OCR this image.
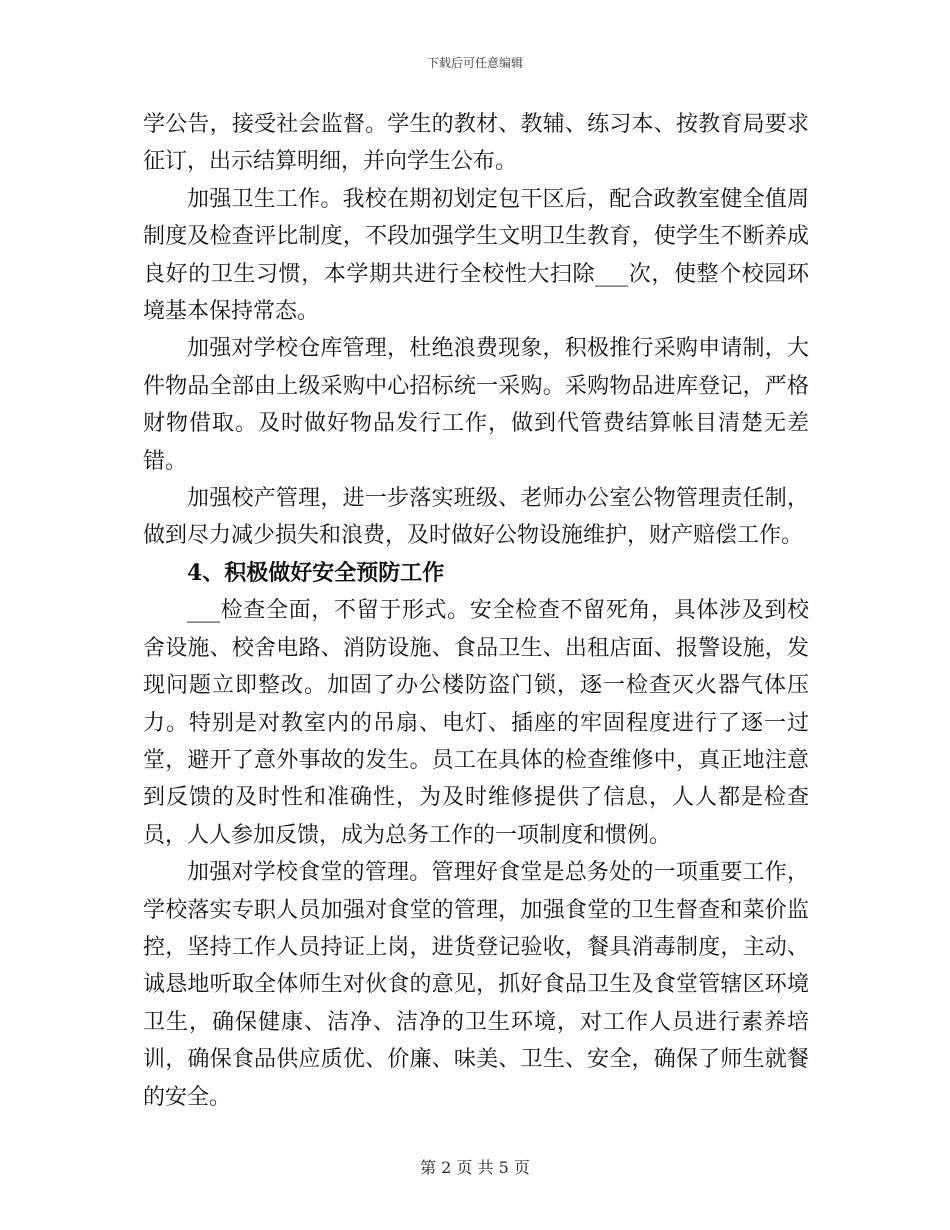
下载后可任意编辑

学公告，接受社会监督。学生的教材、教辅、练习本、按教育局要求征订，出示结算明细，并向学生公布。

加强卫生工作。我校在期初划定包干区后，配合政教室健全值周制度及检查评比制度，不段加强学生文明卫生教育，使学生不断养成良好的卫生习惯，本学期共进行全校性大扫除___次，使整个校园环境基本保持常态。

加强对学校仓库管理，杜绝浪费现象，积极推行采购申请制，大件物品全部由上级采购中心招标统一采购。采购物品进库登记，严格财物借取。及时做好物品发行工作，做到代管费结算帐目清楚无差错。

加强校产管理，进一步落实班级、老师办公室公物管理责任制，做到尽力减少损失和浪费，及时做好公物设施维护，财产赔偿工作。

4、积极做好安全预防工作

___检查全面，不留于形式。安全检查不留死角，具体涉及到校舍设施、校舍电路、消防设施、食品卫生、出租店面、报警设施，发现问题立即整改。加固了办公楼防盗门锁，逐一检查灭火器气体压力。特别是对教室内的吊扇、电灯、插座的牢固程度进行了逐一过堂，避开了意外事故的发生。员工在具体的检查维修中，真正地注意到反馈的及时性和准确性，为及时维修提供了信息，人人都是检查员，人人参加反馈，成为总务工作的一项制度和惯例。

加强对学校食堂的管理。管理好食堂是总务处的一项重要工作，学校落实专职人员加强对食堂的管理，加强食堂的卫生督查和菜价监控，坚持工作人员持证上岗，进货登记验收，餐具消毒制度，主动、诚恳地听取全体师生对伙食的意见，抓好食品卫生及食堂管辖区环境卫生，确保健康、洁净、洁净的卫生环境，对工作人员进行素养培训，确保食品供应质优、价廉、味美、卫生、安全，确保了师生就餐的安全。

第 2 页 共 5 页
